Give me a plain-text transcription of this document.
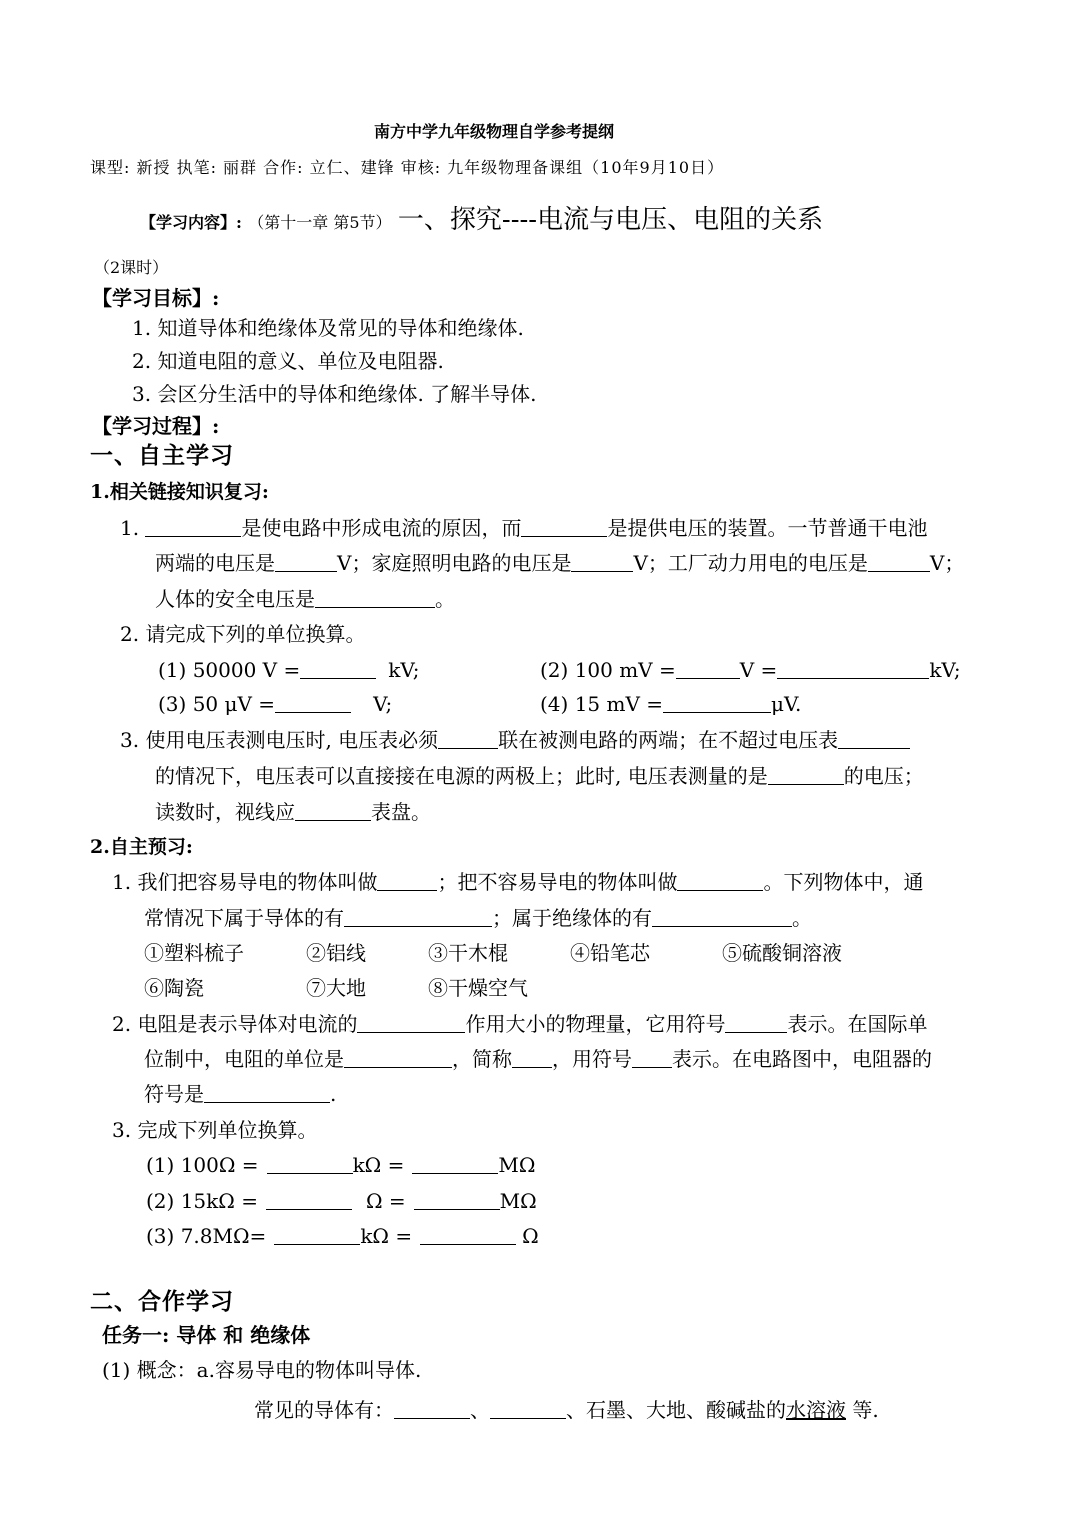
南方中学九年级物理自学参考提纲
课型: 新授 执笔: 丽群 合作: 立仁、建锋 审核: 九年级物理备课组（10年9月10日）
【学习内容】: （第十一章 第5节） 一、探究----电流与电压、电阻的关系
（2课时）
【学习目标】:
1. 知道导体和绝缘体及常见的导体和绝缘体.
2. 知道电阻的意义、单位及电阻器.
3. 会区分生活中的导体和绝缘体. 了解半导体.
【学习过程】:
一、自主学习
1.相关链接知识复习:
1.	是使电路中形成电流的原因，而	是提供电压的装置。一节普通干电池
两端的电压是	V；家庭照明电路的电压是	V；工厂动力用电的电压是	V；
人体的安全电压是	。
2. 请完成下列的单位换算。
(1) 50000 V =	kV;	(2) 100 mV =	V =	kV;
(3) 50 μV =	V;	(4) 15 mV =	μV.
3. 使用电压表测电压时, 电压表必须	联在被测电路的两端；在不超过电压表
的情况下，电压表可以直接接在电源的两极上；此时, 电压表测量的是	的电压；
读数时，视线应	表盘。
2.自主预习:
1. 我们把容易导电的物体叫做	；把不容易导电的物体叫做	。下列物体中，通
常情况下属于导体的有	；属于绝缘体的有	。
①塑料梳子	②铝线	③干木棍	④铅笔芯	⑤硫酸铜溶液
⑥陶瓷	⑦大地	⑧干燥空气
2. 电阻是表示导体对电流的	作用大小的物理量，它用符号	表示。在国际单
位制中，电阻的单位是	，简称 ，用符号 表示。在电路图中，电阻器的
符号是	.
3. 完成下列单位换算。
(1) 100Ω =	kΩ =	MΩ
(2) 15kΩ =	Ω =	MΩ
(3) 7.8MΩ=	kΩ =	Ω
二、合作学习
任务一: 导体 和 绝缘体
(1) 概念：a.容易导电的物体叫导体.
常见的导体有：	、	、石墨、大地、酸碱盐的水溶液 等.
